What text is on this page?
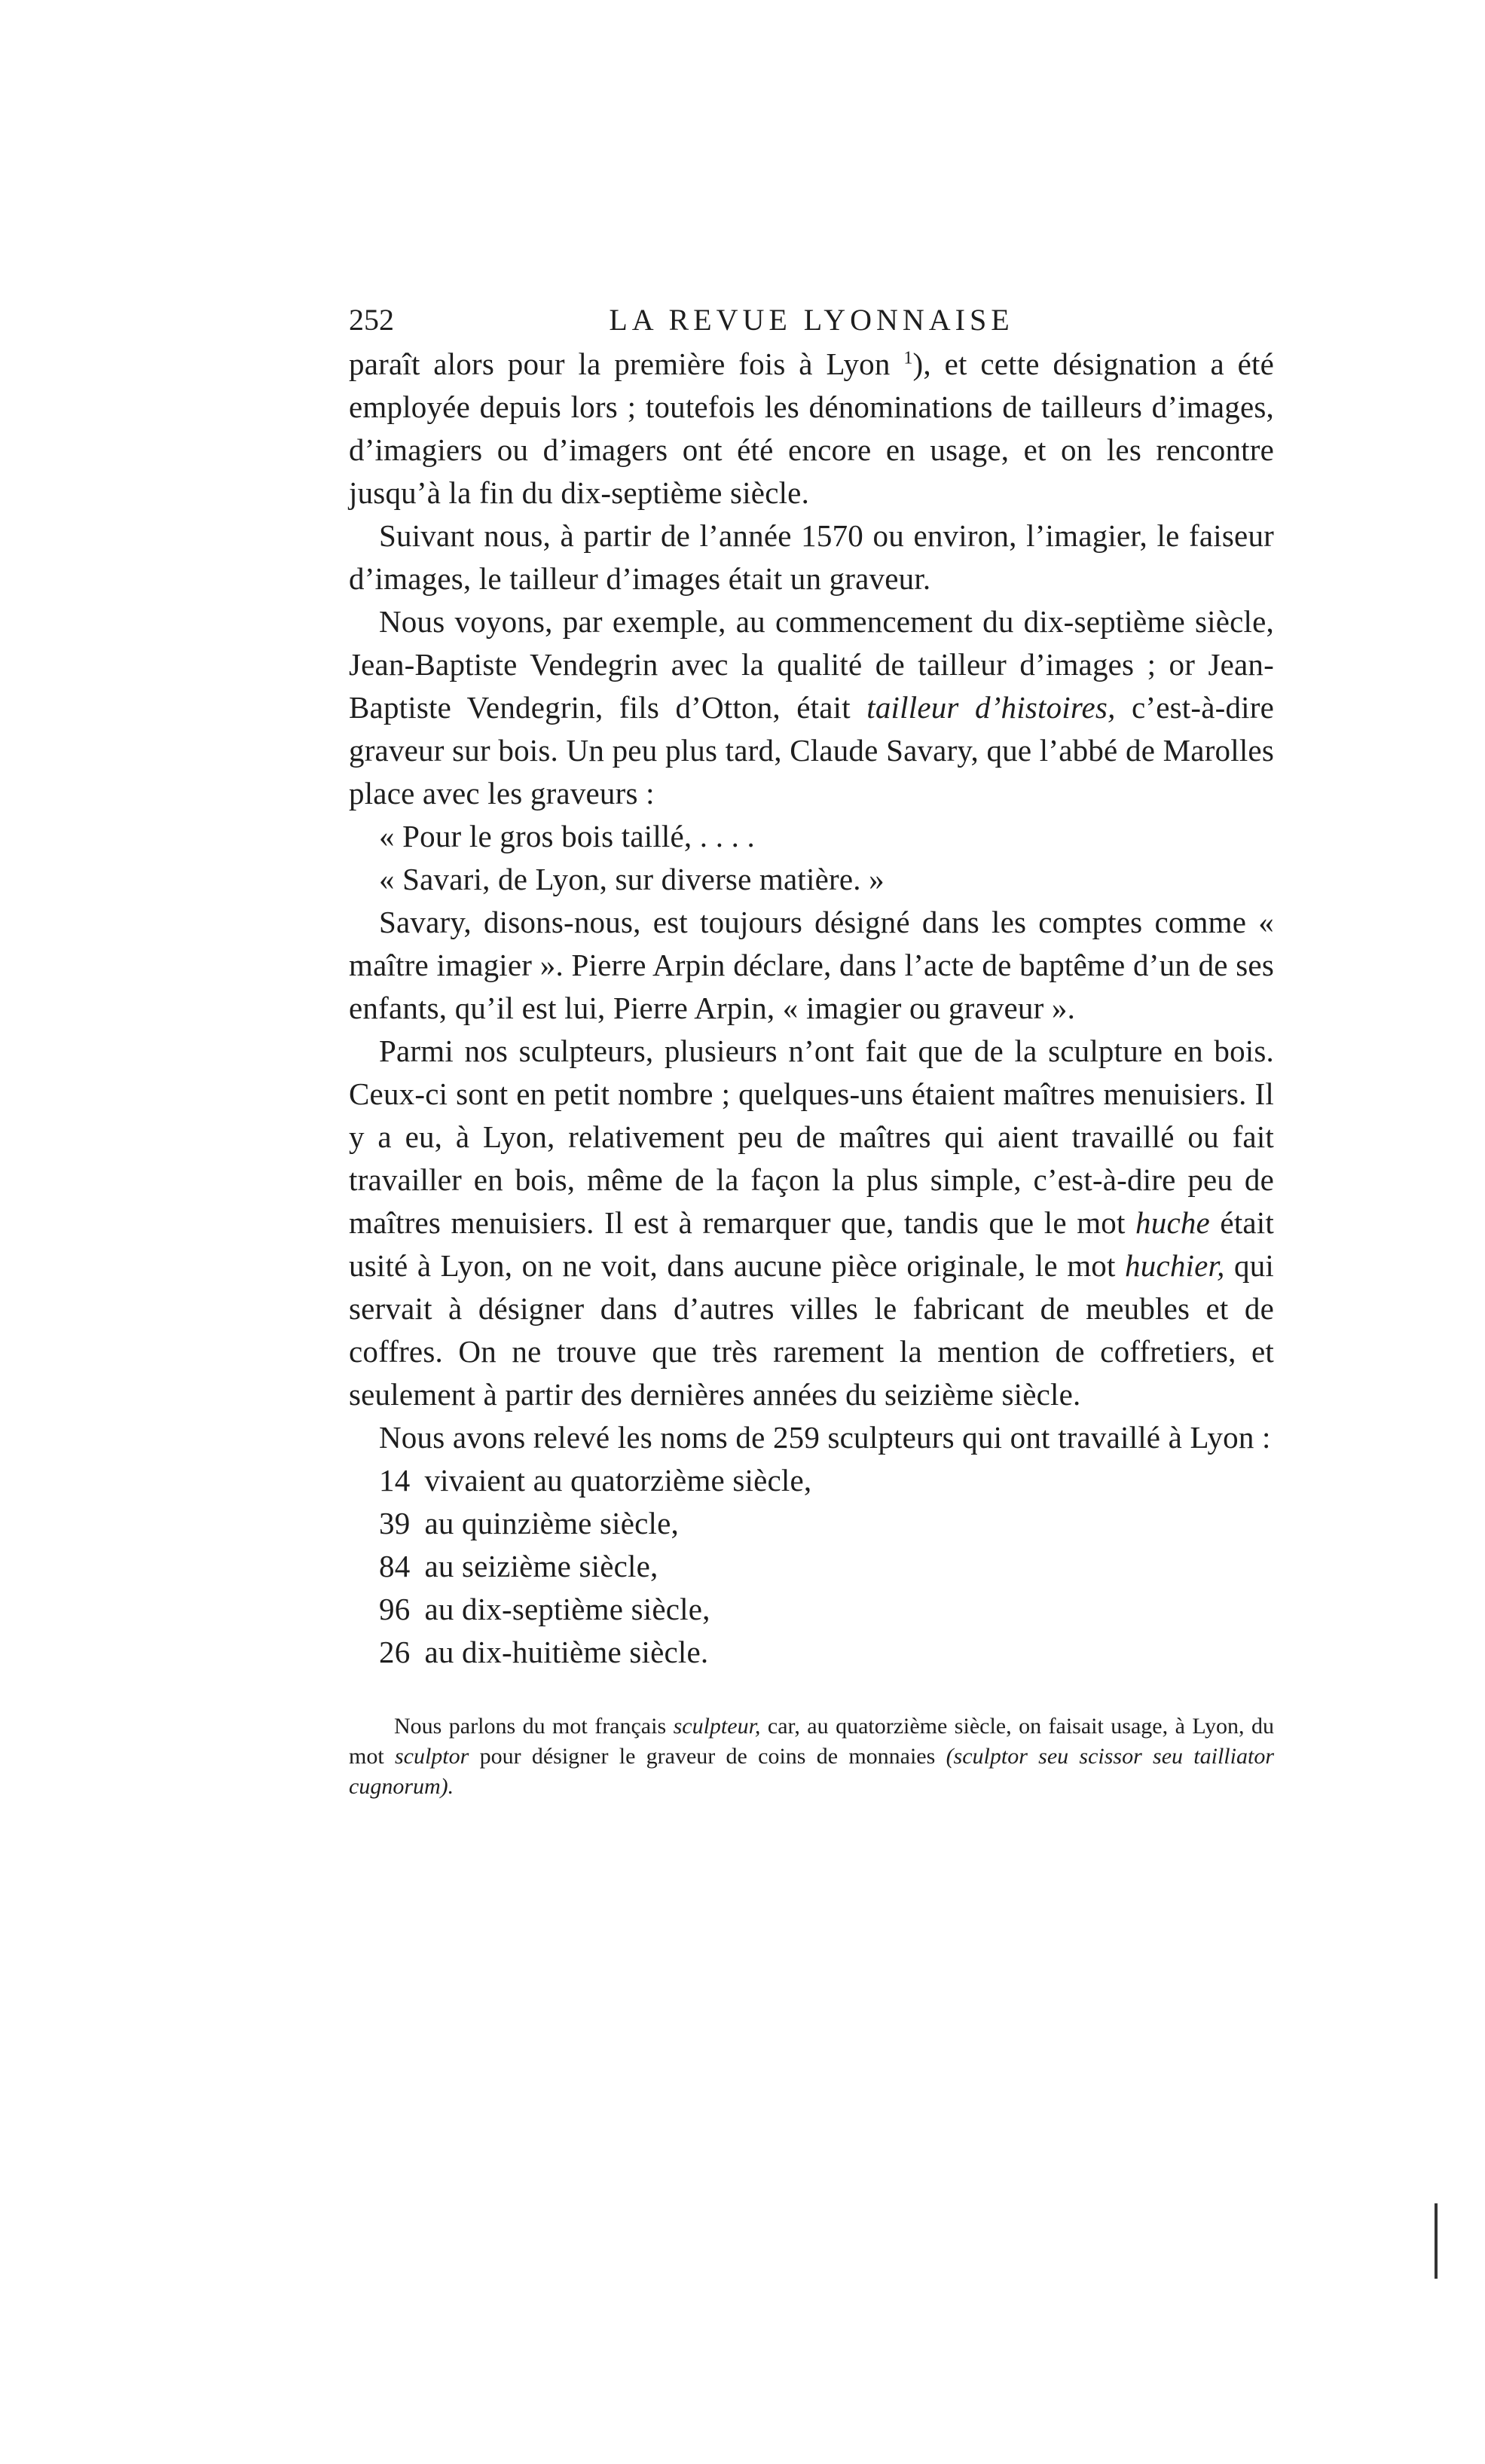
252	LA REVUE LYONNAISE

paraît alors pour la première fois à Lyon $^1$), et cette désignation a été employée depuis lors ; toutefois les dénominations de tailleurs d’images, d’imagiers ou d’imagers ont été encore en usage, et on les rencontre jusqu’à la fin du dix-septième siècle.

Suivant nous, à partir de l’année 1570 ou environ, l’imagier, le faiseur d’images, le tailleur d’images était un graveur.

Nous voyons, par exemple, au commencement du dix-septième siècle, Jean-Baptiste Vendegrin avec la qualité de tailleur d’images ; or Jean-Baptiste Vendegrin, fils d’Otton, était tailleur d’histoires, c’est-à-dire graveur sur bois. Un peu plus tard, Claude Savary, que l’abbé de Marolles place avec les graveurs :

« Pour le gros bois taillé, . . . .

« Savari, de Lyon, sur diverse matière. »

Savary, disons-nous, est toujours désigné dans les comptes comme « maître imagier ». Pierre Arpin déclare, dans l’acte de baptême d’un de ses enfants, qu’il est lui, Pierre Arpin, « imagier ou graveur ».

Parmi nos sculpteurs, plusieurs n’ont fait que de la sculpture en bois. Ceux-ci sont en petit nombre ; quelques-uns étaient maîtres menuisiers. Il y a eu, à Lyon, relativement peu de maîtres qui aient travaillé ou fait travailler en bois, même de la façon la plus simple, c’est-à-dire peu de maîtres menuisiers. Il est à remarquer que, tandis que le mot huche était usité à Lyon, on ne voit, dans aucune pièce originale, le mot huchier, qui servait à désigner dans d’autres villes le fabricant de meubles et de coffres. On ne trouve que très rarement la mention de coffretiers, et seulement à partir des dernières années du seizième siècle.

Nous avons relevé les noms de 259 sculpteurs qui ont travaillé à Lyon :

14 vivaient au quatorzième siècle,
39 au quinzième siècle,
84 au seizième siècle,
96 au dix-septième siècle,
26 au dix-huitième siècle.

Nous parlons du mot français sculpteur, car, au quatorzième siècle, on faisait usage, à Lyon, du mot sculptor pour désigner le graveur de coins de monnaies (sculptor seu scissor seu tailliator cugnorum).
